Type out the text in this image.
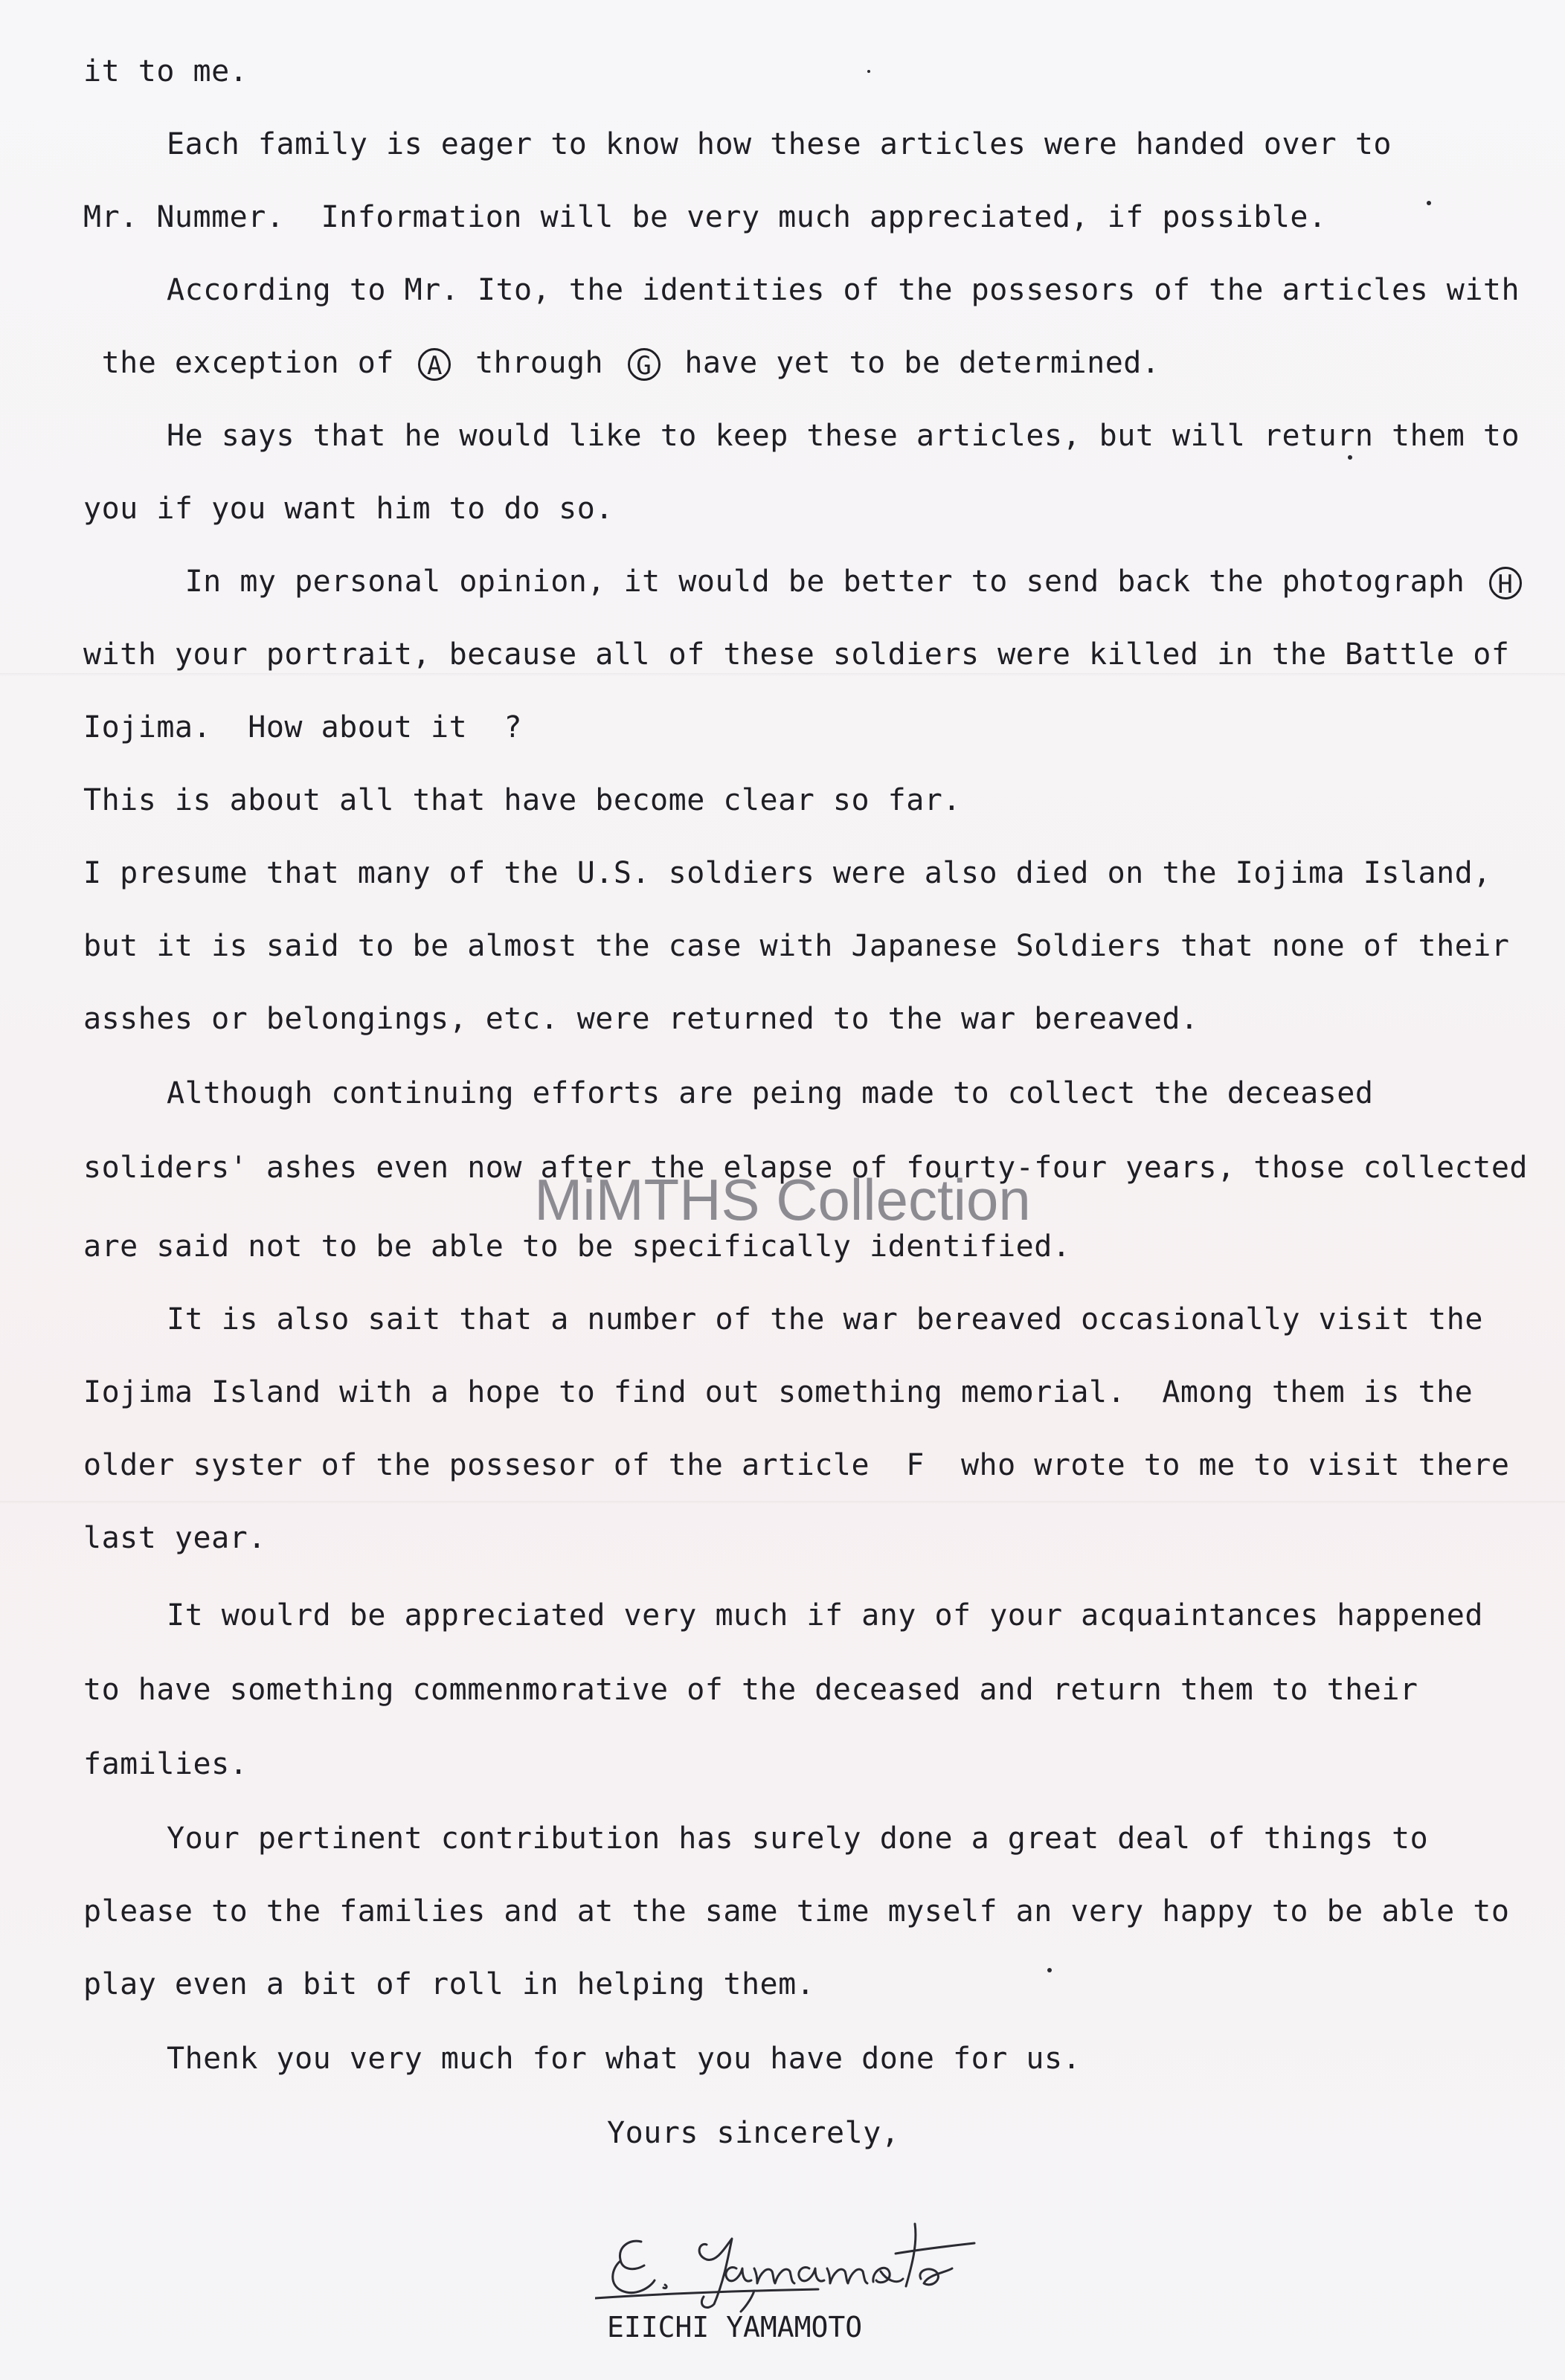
it to me.
Each family is eager to know how these articles were handed over to
Mr. Nummer.  Information will be very much appreciated, if possible.
According to Mr. Ito, the identities of the possesors of the articles with
the exception of A through G have yet to be determined.
He says that he would like to keep these articles, but will return them to
you if you want him to do so.
In my personal opinion, it would be better to send back the photograph H
with your portrait, because all of these soldiers were killed in the Battle of
Iojima.  How about it  ?
This is about all that have become clear so far.
I presume that many of the U.S. soldiers were also died on the Iojima Island,
but it is said to be almost the case with Japanese Soldiers that none of their
asshes or belongings, etc. were returned to the war bereaved.
Although continuing efforts are peing made to collect the deceased
soliders' ashes even now after the elapse of fourty-four years, those collected
are said not to be able to be specifically identified.
It is also sait that a number of the war bereaved occasionally visit the
Iojima Island with a hope to find out something memorial.  Among them is the
older syster of the possesor of the article  F  who wrote to me to visit there
last year.
It woulrd be appreciated very much if any of your acquaintances happened
to have something commenmorative of the deceased and return them to their
families.
Your pertinent contribution has surely done a great deal of things to
please to the families and at the same time myself an very happy to be able to
play even a bit of roll in helping them.
Thenk you very much for what you have done for us.
Yours sincerely,
MiMTHS Collection
EIICHI YAMAMOTO
